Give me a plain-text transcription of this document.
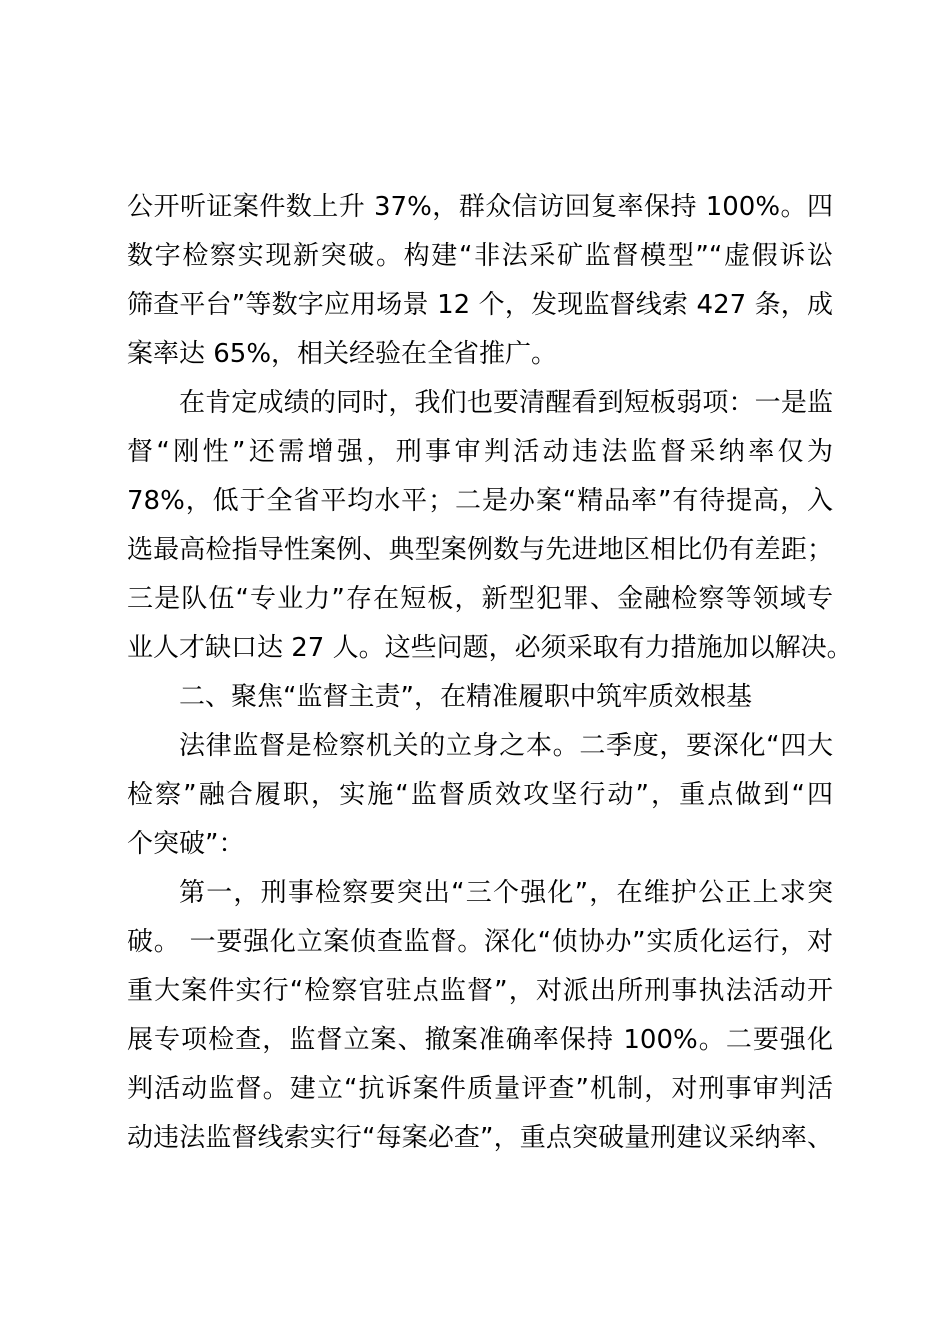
公开听证案件数上升 37%，群众信访回复率保持 100%。四
数字检察实现新突破。构建“非法采矿监督模型”“虚假诉讼
筛查平台”等数字应用场景 12 个，发现监督线索 427 条，成
案率达 65%，相关经验在全省推广。
在肯定成绩的同时，我们也要清醒看到短板弱项：一是监
督“刚性”还需增强，刑事审判活动违法监督采纳率仅为
78%，低于全省平均水平；二是办案“精品率”有待提高，入
选最高检指导性案例、典型案例数与先进地区相比仍有差距；
三是队伍“专业力”存在短板，新型犯罪、金融检察等领域专
业人才缺口达 27 人。这些问题，必须采取有力措施加以解决。
二、聚焦“监督主责”，在精准履职中筑牢质效根基
法律监督是检察机关的立身之本。二季度，要深化“四大
检察”融合履职，实施“监督质效攻坚行动”，重点做到“四
个突破”：
第一，刑事检察要突出“三个强化”，在维护公正上求突
破。 一要强化立案侦查监督。深化“侦协办”实质化运行，对
重大案件实行“检察官驻点监督”，对派出所刑事执法活动开
展专项检查，监督立案、撤案准确率保持 100%。二要强化
判活动监督。建立“抗诉案件质量评查”机制，对刑事审判活
动违法监督线索实行“每案必查”，重点突破量刑建议采纳率、
